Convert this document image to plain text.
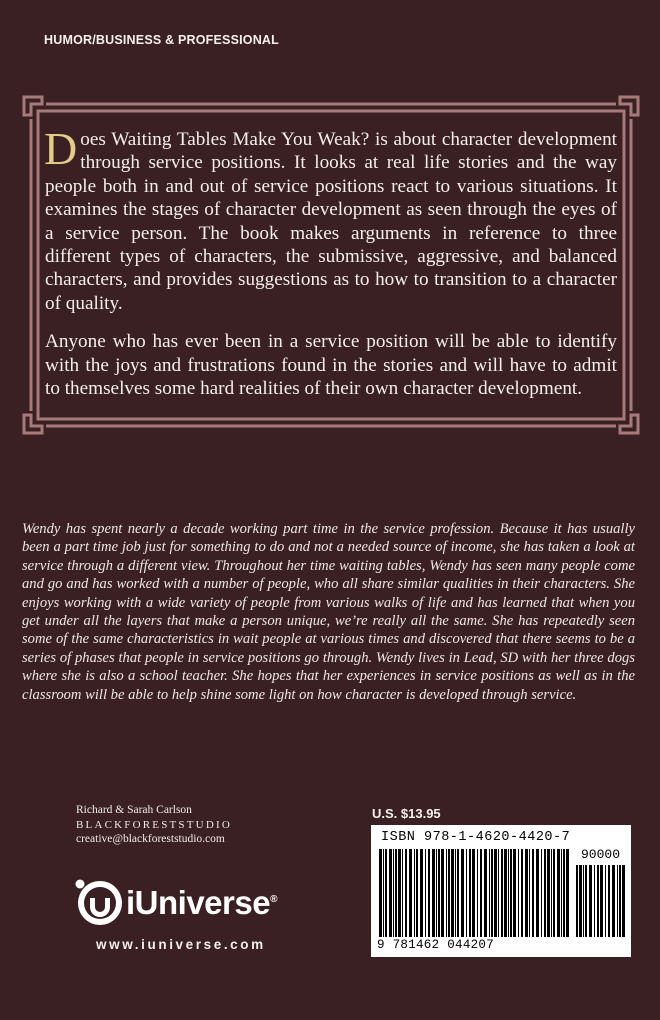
HUMOR/BUSINESS & PROFESSIONAL

Does Waiting Tables Make You Weak? is about character development through service positions. It looks at real life stories and the way people both in and out of service positions react to various situations. It examines the stages of character development as seen through the eyes of a service person. The book makes arguments in reference to three different types of characters, the submissive, aggressive, and balanced characters, and provides suggestions as to how to transition to a character of quality.

Anyone who has ever been in a service position will be able to identify with the joys and frustrations found in the stories and will have to admit to themselves some hard realities of their own character development.

Wendy has spent nearly a decade working part time in the service profession. Because it has usually been a part time job just for something to do and not a needed source of income, she has taken a look at service through a different view. Throughout her time waiting tables, Wendy has seen many people come and go and has worked with a number of people, who all share similar qualities in their characters. She enjoys working with a wide variety of people from various walks of life and has learned that when you get under all the layers that make a person unique, we’re really all the same. She has repeatedly seen some of the same characteristics in wait people at various times and discovered that there seems to be a series of phases that people in service positions go through. Wendy lives in Lead, SD with her three dogs where she is also a school teacher. She hopes that her experiences in service positions as well as in the classroom will be able to help shine some light on how character is developed through service.
Richard & Sarah Carlson
BLACKFORESTSTUDIO
creative@blackforeststudio.com
iUniverse®
www.iuniverse.com
U.S. $13.95
ISBN 978-1-4620-4420-7
90000
9 781462 044207
